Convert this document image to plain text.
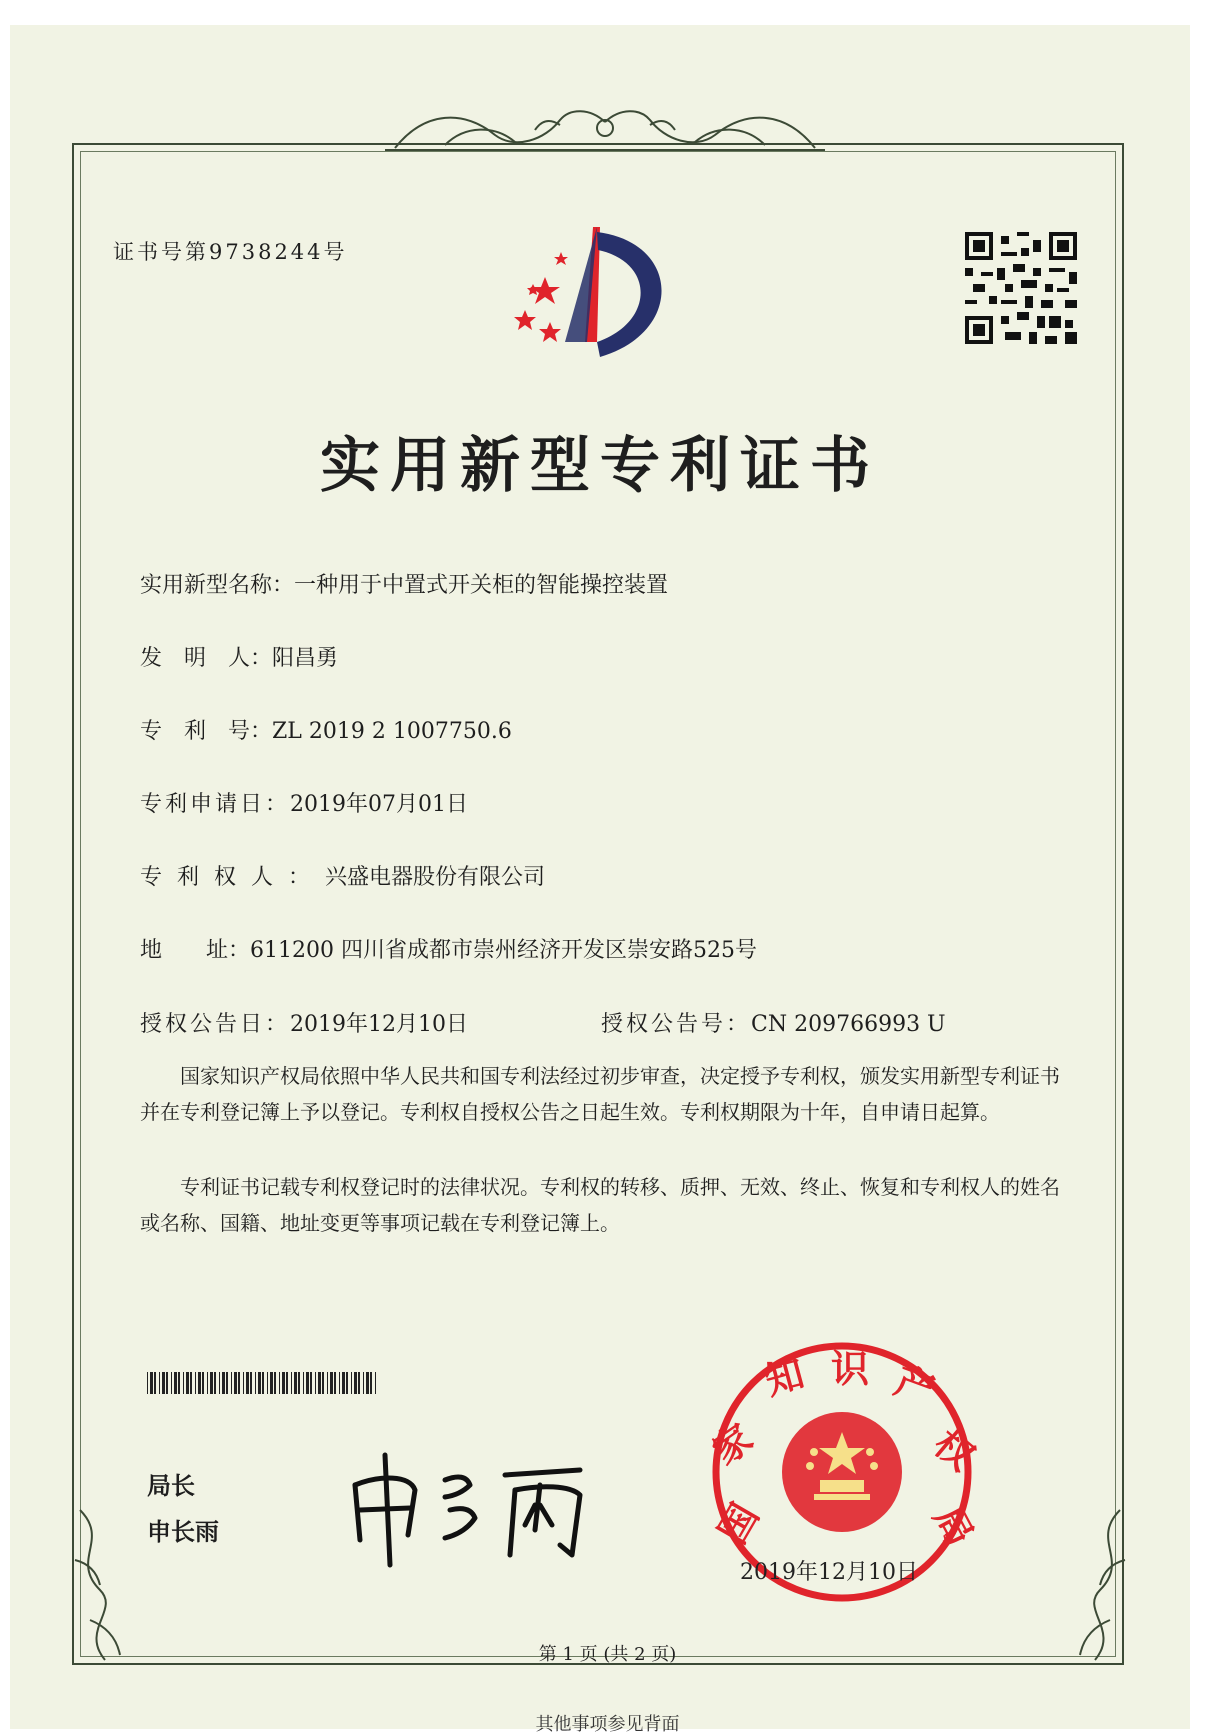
证书号第9738244号
实用新型专利证书
实用新型名称：一种用于中置式开关柜的智能操控装置
发　明　人：阳昌勇
专　利　号：ZL 2019 2 1007750.6
专利申请日：2019年07月01日
专利权人：兴盛电器股份有限公司
地　　址：611200 四川省成都市崇州经济开发区崇安路525号
授权公告日：2019年12月10日	授权公告号：CN 209766993 U
国家知识产权局依照中华人民共和国专利法经过初步审查，决定授予专利权，颁发实用新型专利证书并在专利登记簿上予以登记。专利权自授权公告之日起生效。专利权期限为十年，自申请日起算。
专利证书记载专利权登记时的法律状况。专利权的转移、质押、无效、终止、恢复和专利权人的姓名或名称、国籍、地址变更等事项记载在专利登记簿上。
局长
申长雨	国
家
知 识 产
权
局
2019年12月10日
第 1 页 (共 2 页)
其他事项参见背面
